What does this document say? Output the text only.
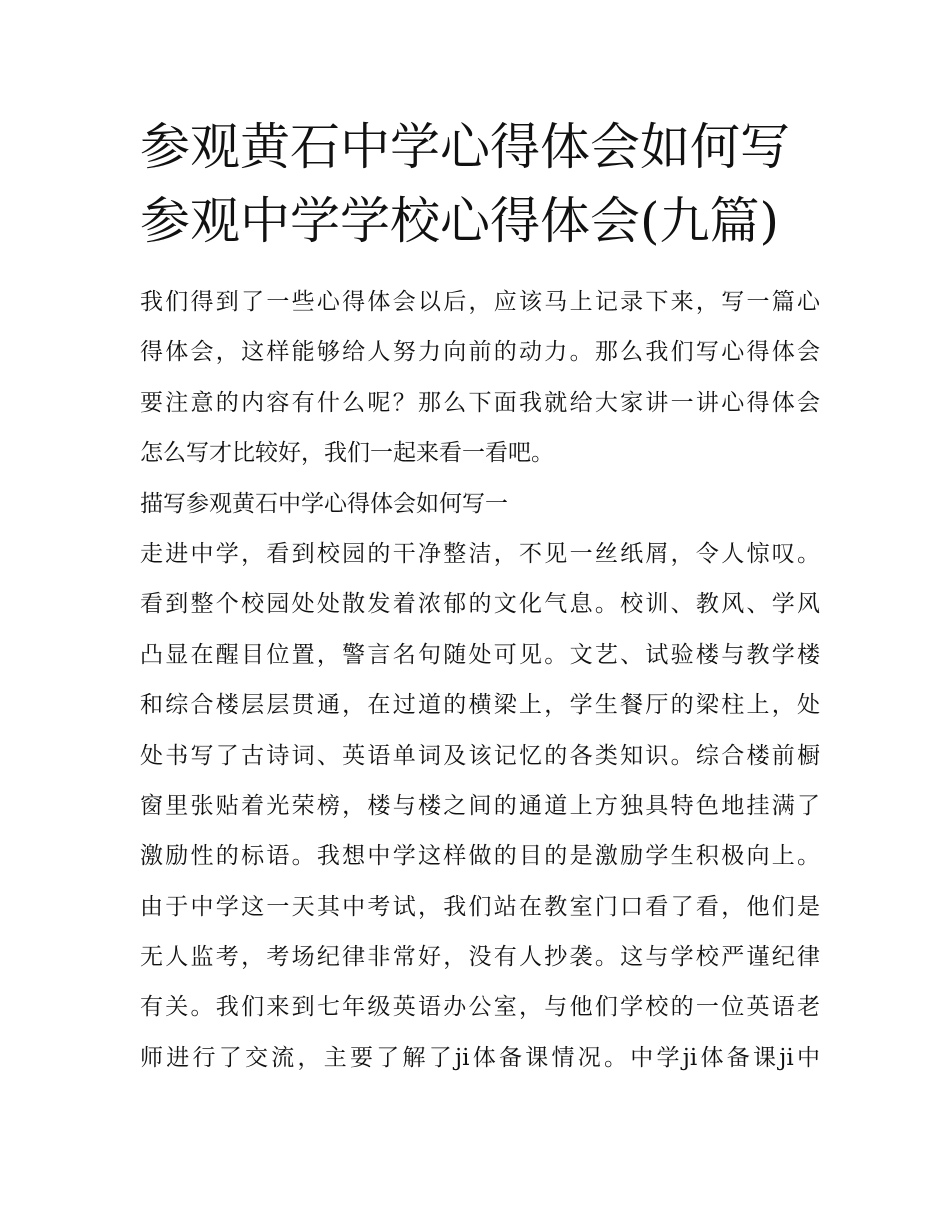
参观黄石中学心得体会如何写
参观中学学校心得体会(九篇)
我们得到了一些心得体会以后，应该马上记录下来，写一篇心
得体会，这样能够给人努力向前的动力。那么我们写心得体会
要注意的内容有什么呢？那么下面我就给大家讲一讲心得体会
怎么写才比较好，我们一起来看一看吧。
描写参观黄石中学心得体会如何写一
走进中学，看到校园的干净整洁，不见一丝纸屑，令人惊叹。
看到整个校园处处散发着浓郁的文化气息。校训、教风、学风
凸显在醒目位置，警言名句随处可见。文艺、试验楼与教学楼
和综合楼层层贯通，在过道的横梁上，学生餐厅的梁柱上，处
处书写了古诗词、英语单词及该记忆的各类知识。综合楼前橱
窗里张贴着光荣榜，楼与楼之间的通道上方独具特色地挂满了
激励性的标语。我想中学这样做的目的是激励学生积极向上。
由于中学这一天其中考试，我们站在教室门口看了看，他们是
无人监考，考场纪律非常好，没有人抄袭。这与学校严谨纪律
有关。我们来到七年级英语办公室，与他们学校的一位英语老
师进行了交流，主要了解了ji体备课情况。中学ji体备课ji中
